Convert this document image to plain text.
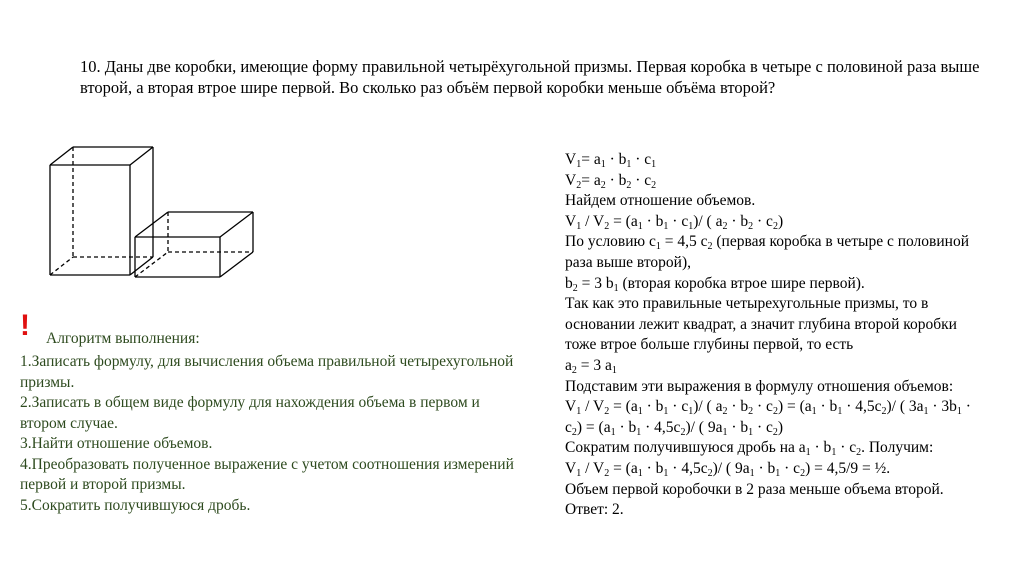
10. Даны две коробки, имеющие форму правильной четырёхугольной призмы. Первая коробка в четыре с половиной раза выше второй, а вторая втрое шире первой. Во сколько раз объём первой коробки меньше объёма второй?
! Алгоритм выполнения:
1.Записать формулу, для вычисления объема правильной четырехугольной призмы.
2.Записать в общем виде формулу для нахождения объема в первом и втором случае.
3.Найти отношение объемов.
4.Преобразовать полученное выражение с учетом соотношения измерений первой и второй призмы.
5.Сократить получившуюся дробь.
$V_1= a_1 \cdot b_1 \cdot c_1$
$V_2= a_2 \cdot b_2 \cdot c_2$
Найдем отношение объемов.
$V_1 / V_2 = (a_1 \cdot b_1 \cdot c_1)/$ ( $a_2 \cdot b_2 \cdot c_2$)
По условию $c_1 = 4,5$ $c_2$ (первая коробка в четыре с половиной раза выше второй),
$b_2 = 3$ $b_1$ (вторая коробка втрое шире первой).
Так как это правильные четырехугольные призмы, то в основании лежит квадрат, а значит глубина второй коробки тоже втрое больше глубины первой, то есть
$a_2 = 3$ $a_1$
Подставим эти выражения в формулу отношения объемов:
$V_1 / V_2 = (a_1 \cdot b_1 \cdot c_1)/$ ( $a_2 \cdot b_2 \cdot c_2) = (a_1 \cdot b_1 \cdot 4,5c_2)/$ ( $3a_1 \cdot 3b_1 \cdot c_2) = (a_1 \cdot b_1 \cdot 4,5c_2)/$ ( $9a_1 \cdot b_1 \cdot c_2$)
Сократим получившуюся дробь на $a_1 \cdot b_1 \cdot c_2$. Получим:
$V_1 / V_2 = (a_1 \cdot b_1 \cdot 4,5c_2)/$ ( $9a_1 \cdot b_1 \cdot c_2) = 4,5/9$ = ½.
Объем первой коробочки в 2 раза меньше объема второй.
Ответ: 2.
